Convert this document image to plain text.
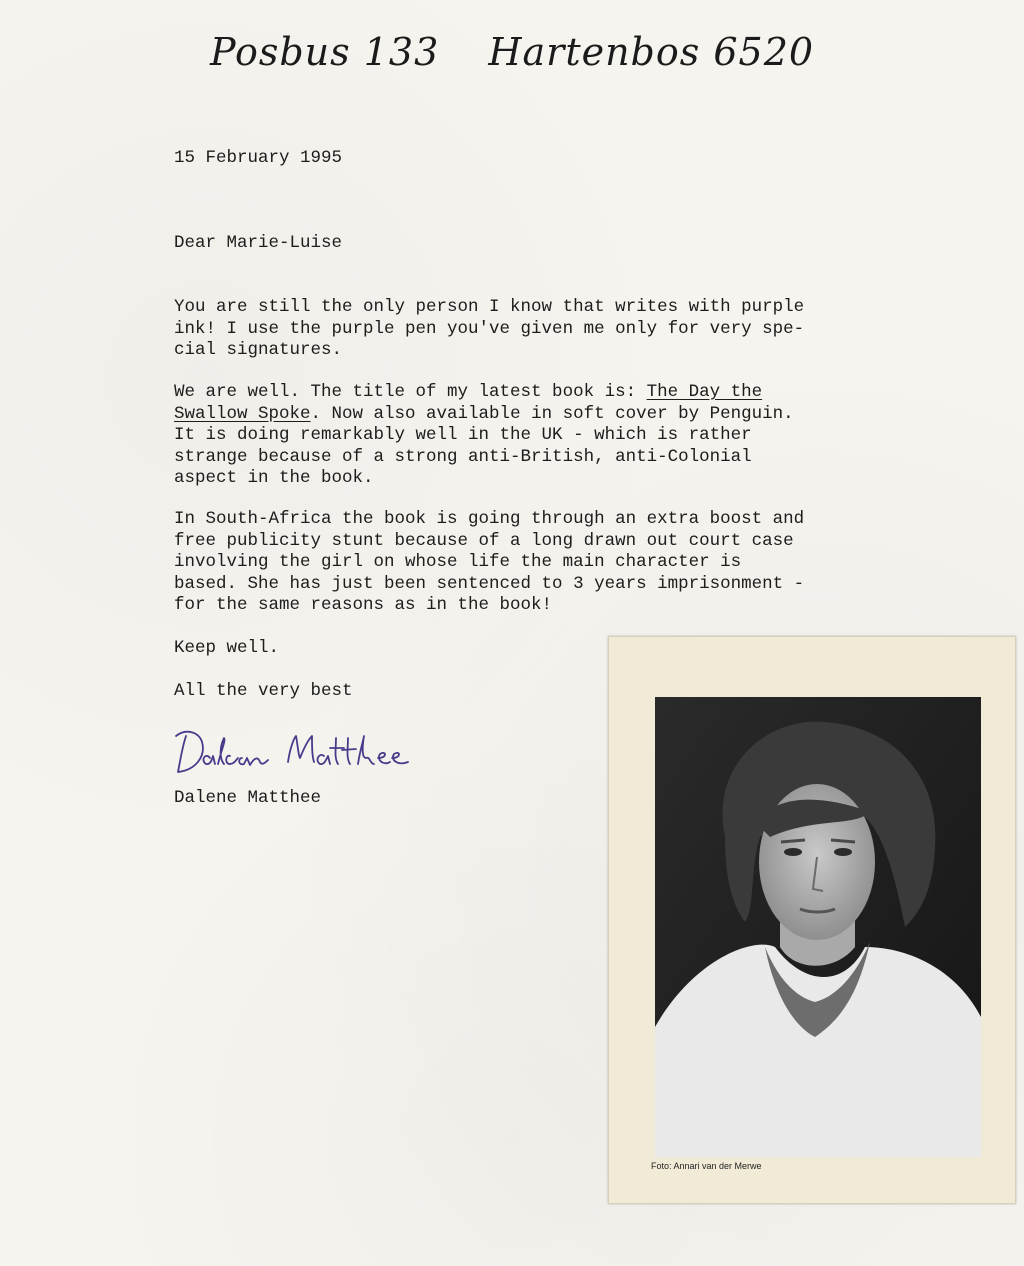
Posbus 133 Hartenbos 6520
15 February 1995
Dear Marie-Luise
You are still the only person I know that writes with purple
ink! I use the purple pen you've given me only for very spe-
cial signatures.
We are well. The title of my latest book is: The Day the
Swallow Spoke. Now also available in soft cover by Penguin.
It is doing remarkably well in the UK - which is rather
strange because of a strong anti-British, anti-Colonial
aspect in the book.
In South-Africa the book is going through an extra boost and
free publicity stunt because of a long drawn out court case
involving the girl on whose life the main character is
based. She has just been sentenced to 3 years imprisonment -
for the same reasons as in the book!
Keep well.
All the very best
Dalene Matthee
Foto: Annari van der Merwe
